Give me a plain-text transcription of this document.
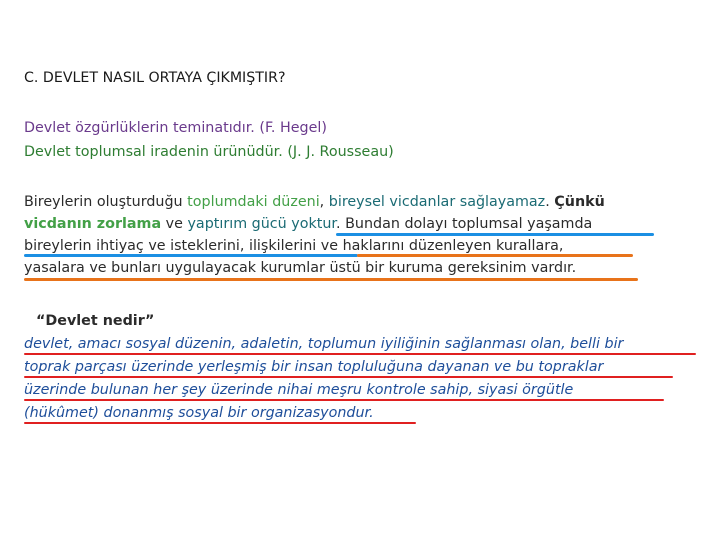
C. DEVLET NASIL ORTAYA ÇIKMIŞTIR?
Devlet özgürlüklerin teminatıdır. (F. Hegel)
Devlet toplumsal iradenin ürünüdür. (J. J. Rousseau)
Bireylerin oluşturduğu toplumdaki düzeni, bireysel vicdanlar sağlayamaz. Çünkü
vicdanın zorlama ve yaptırım gücü yoktur. Bundan dolayı toplumsal yaşamda
bireylerin ihtiyaç ve isteklerini, ilişkilerini ve haklarını düzenleyen kurallara,
yasalara ve bunları uygulayacak kurumlar üstü bir kuruma gereksinim vardır.
“Devlet nedir”
devlet, amacı sosyal düzenin, adaletin, toplumun iyiliğinin sağlanması olan, belli bir
toprak parçası üzerinde yerleşmiş bir insan topluluğuna dayanan ve bu topraklar
üzerinde bulunan her şey üzerinde nihai meşru kontrole sahip, siyasi örgütle
(hükûmet) donanmış sosyal bir organizasyondur.
